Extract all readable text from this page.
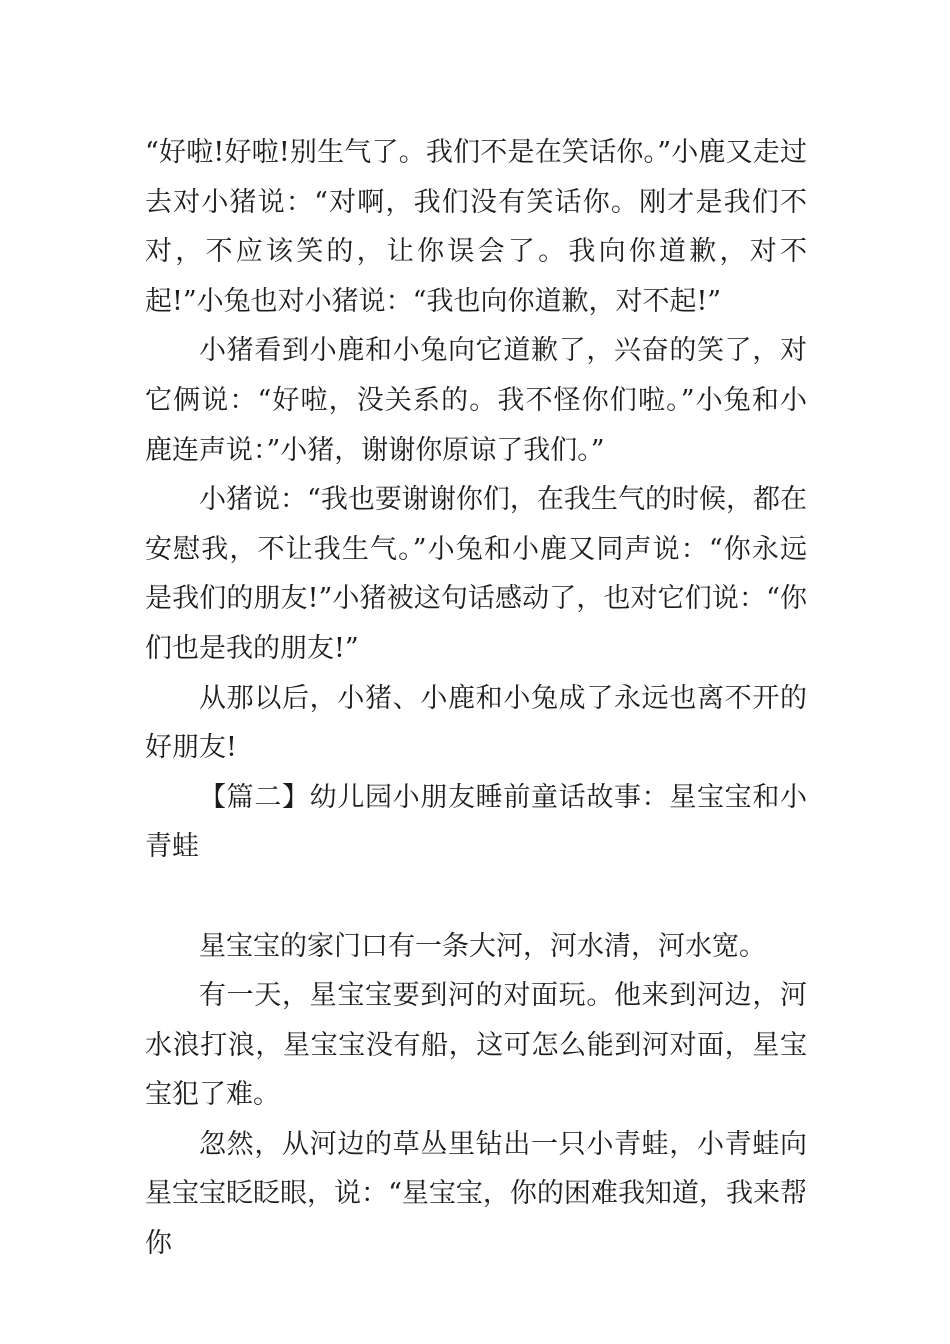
“好啦!好啦!别生气了。我们不是在笑话你。”小鹿又走过去对小猪说：“对啊，我们没有笑话你。刚才是我们不对，不应该笑的，让你误会了。我向你道歉，对不起!”小兔也对小猪说：“我也向你道歉，对不起!”

小猪看到小鹿和小兔向它道歉了，兴奋的笑了，对它俩说：“好啦，没关系的。我不怪你们啦。”小兔和小鹿连声说：”小猪，谢谢你原谅了我们。”

小猪说：“我也要谢谢你们，在我生气的时候，都在安慰我，不让我生气。”小兔和小鹿又同声说：“你永远是我们的朋友!”小猪被这句话感动了，也对它们说：“你们也是我的朋友!”

从那以后，小猪、小鹿和小兔成了永远也离不开的好朋友!

【篇二】幼儿园小朋友睡前童话故事：星宝宝和小青蛙

星宝宝的家门口有一条大河，河水清，河水宽。

有一天，星宝宝要到河的对面玩。他来到河边，河水浪打浪，星宝宝没有船，这可怎么能到河对面，星宝宝犯了难。

忽然，从河边的草丛里钻出一只小青蛙，小青蛙向星宝宝眨眨眼，说：“星宝宝，你的困难我知道，我来帮你
